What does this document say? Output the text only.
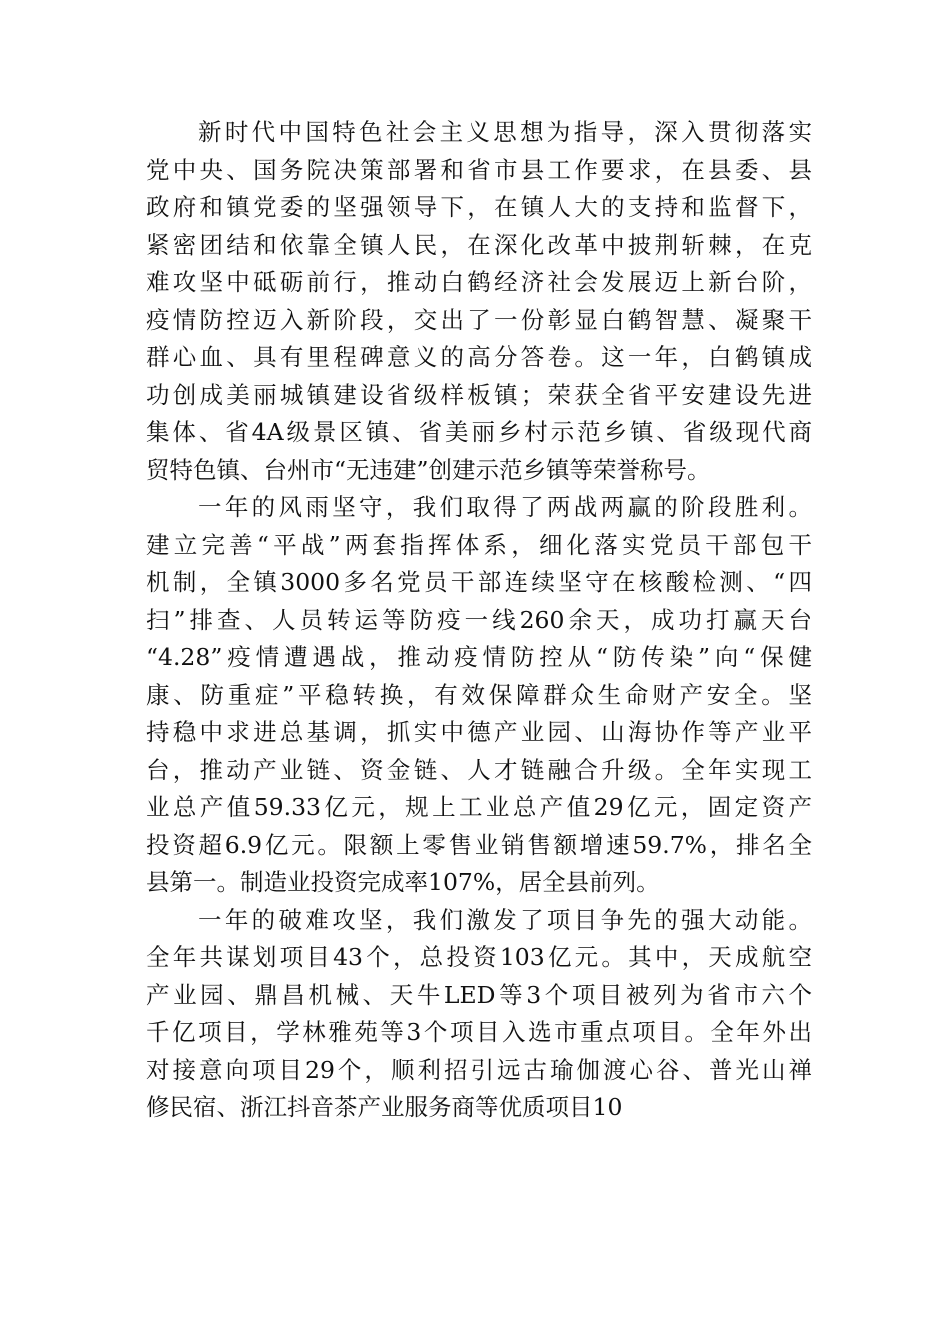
新时代中国特色社会主义思想为指导，深入贯彻落实
党中央、国务院决策部署和省市县工作要求，在县委、县
政府和镇党委的坚强领导下，在镇人大的支持和监督下，
紧密团结和依靠全镇人民，在深化改革中披荆斩棘，在克
难攻坚中砥砺前行，推动白鹤经济社会发展迈上新台阶，
疫情防控迈入新阶段，交出了一份彰显白鹤智慧、凝聚干
群心血、具有里程碑意义的高分答卷。这一年，白鹤镇成
功创成美丽城镇建设省级样板镇；荣获全省平安建设先进
集体、省4A级景区镇、省美丽乡村示范乡镇、省级现代商
贸特色镇、台州市“无违建”创建示范乡镇等荣誉称号。
一年的风雨坚守，我们取得了两战两赢的阶段胜利。
建立完善“平战”两套指挥体系，细化落实党员干部包干
机制，全镇3000多名党员干部连续坚守在核酸检测、“四
扫”排查、人员转运等防疫一线260余天，成功打赢天台
“4.28”疫情遭遇战，推动疫情防控从“防传染”向“保健
康、防重症”平稳转换，有效保障群众生命财产安全。坚
持稳中求进总基调，抓实中德产业园、山海协作等产业平
台，推动产业链、资金链、人才链融合升级。全年实现工
业总产值59.33亿元，规上工业总产值29亿元，固定资产
投资超6.9亿元。限额上零售业销售额增速59.7%，排名全
县第一。制造业投资完成率107%，居全县前列。
一年的破难攻坚，我们激发了项目争先的强大动能。
全年共谋划项目43个，总投资103亿元。其中，天成航空
产业园、鼎昌机械、天牛LED等3个项目被列为省市六个
千亿项目，学林雅苑等3个项目入选市重点项目。全年外出
对接意向项目29个，顺利招引远古瑜伽渡心谷、普光山禅
修民宿、浙江抖音茶产业服务商等优质项目10
